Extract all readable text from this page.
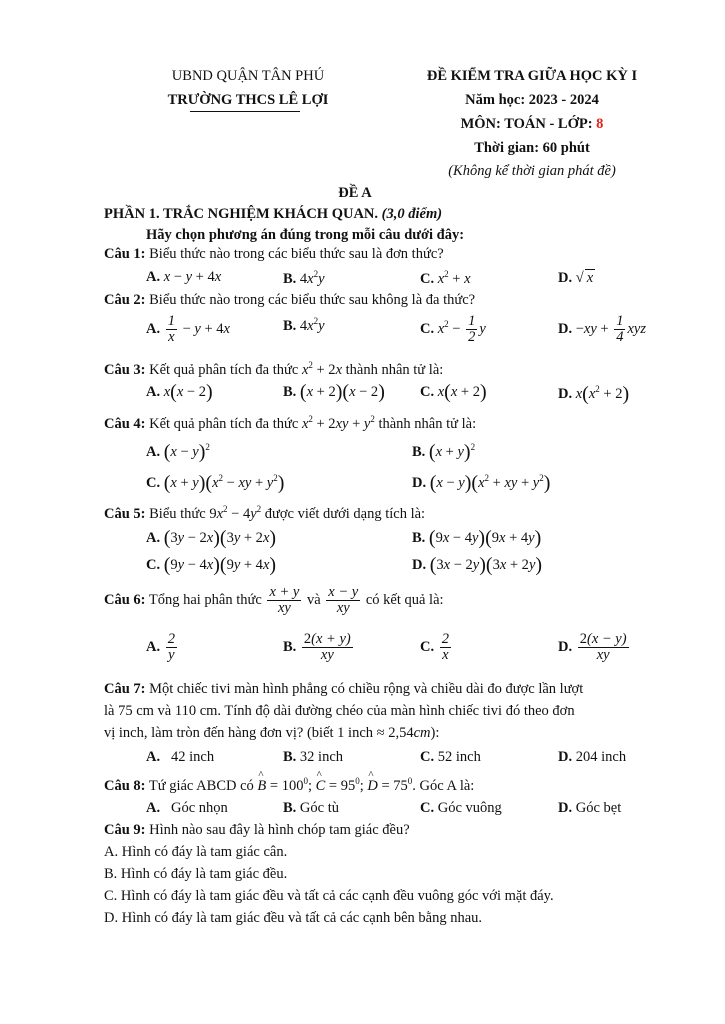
UBND QUẬN TÂN PHÚ
TRƯỜNG THCS LÊ LỢI
ĐỀ KIỂM TRA GIỮA HỌC KỲ I
Năm học: 2023 - 2024
MÔN: TOÁN - LỚP: 8
Thời gian: 60 phút
(Không kể thời gian phát đề)
ĐỀ A
PHẦN 1. TRẮC NGHIỆM KHÁCH QUAN. (3,0 điểm)
Hãy chọn phương án đúng trong mỗi câu dưới đây:
Câu 1: Biểu thức nào trong các biểu thức sau là đơn thức?
A. x − y + 4x	B. $4x^2y$	C. $x^2 + x$	D. √ x
Câu 2: Biểu thức nào trong các biểu thức sau không là đa thức?
A. $\frac{1}{x} - y + 4x$	B. $4x^2y$	C. $x^2 - \frac{1}{2}$ y	D. $-xy + \frac{1}{4}$ xyz
Câu 3: Kết quả phân tích đa thức $x^2 + 2x$ thành nhân tử là:
A. x(x − 2)	B. (x + 2)(x − 2) C. x(x + 2)	D. $x(x^2 + 2)$
Câu 4: Kết quả phân tích đa thức $x^2 + 2xy + y^2$ thành nhân tử là:
A. $(x - y)^2$	B. $(x + y)^2$
C. $(x + y)(x^2$ − xy + $y^2$)	D. $(x - y)(x^2$ + xy + $y^2$)
Câu 5: Biểu thức $9x^2 - 4y^2$ được viết dưới dạng tích là:
A. (3y − 2x)(3y + 2x)	B. (9x − 4y)(9x + 4y)
C. (9y − 4x)(9y + 4x)	D. (3x − 2y)(3x + 2y)
Câu 6: Tổng hai phân thức $\frac{x + y}{xy}$ và $\frac{x - y}{xy}$ có kết quả là:
A. $\frac{2}{y}$	B. $\frac{2(x + y)}{xy}$	C. $\frac{2}{x}$	D. $\frac{2(x - y)}{xy}$
Câu 7: Một chiếc tivi màn hình phẳng có chiều rộng và chiều dài đo được lần lượt
là 75 cm và 110 cm. Tính độ dài đường chéo của màn hình chiếc tivi đó theo đơn
vị inch, làm tròn đến hàng đơn vị? (biết 1 inch ≈ 2,54cm):
A. 42 inch	B. 32 inch	C. 52 inch	D. 204 inch
Câu 8: Tứ giác ABCD có ^ $B = 100^0$; ^ $C = 95^0$; ^ $D = 75^0$. Góc A là:
A. Góc nhọn	B. Góc tù	C. Góc vuông	D. Góc bẹt
Câu 9: Hình nào sau đây là hình chóp tam giác đều?
A. Hình có đáy là tam giác cân.
B. Hình có đáy là tam giác đều.
C. Hình có đáy là tam giác đều và tất cả các cạnh đều vuông góc với mặt đáy.
D. Hình có đáy là tam giác đều và tất cả các cạnh bên bằng nhau.
